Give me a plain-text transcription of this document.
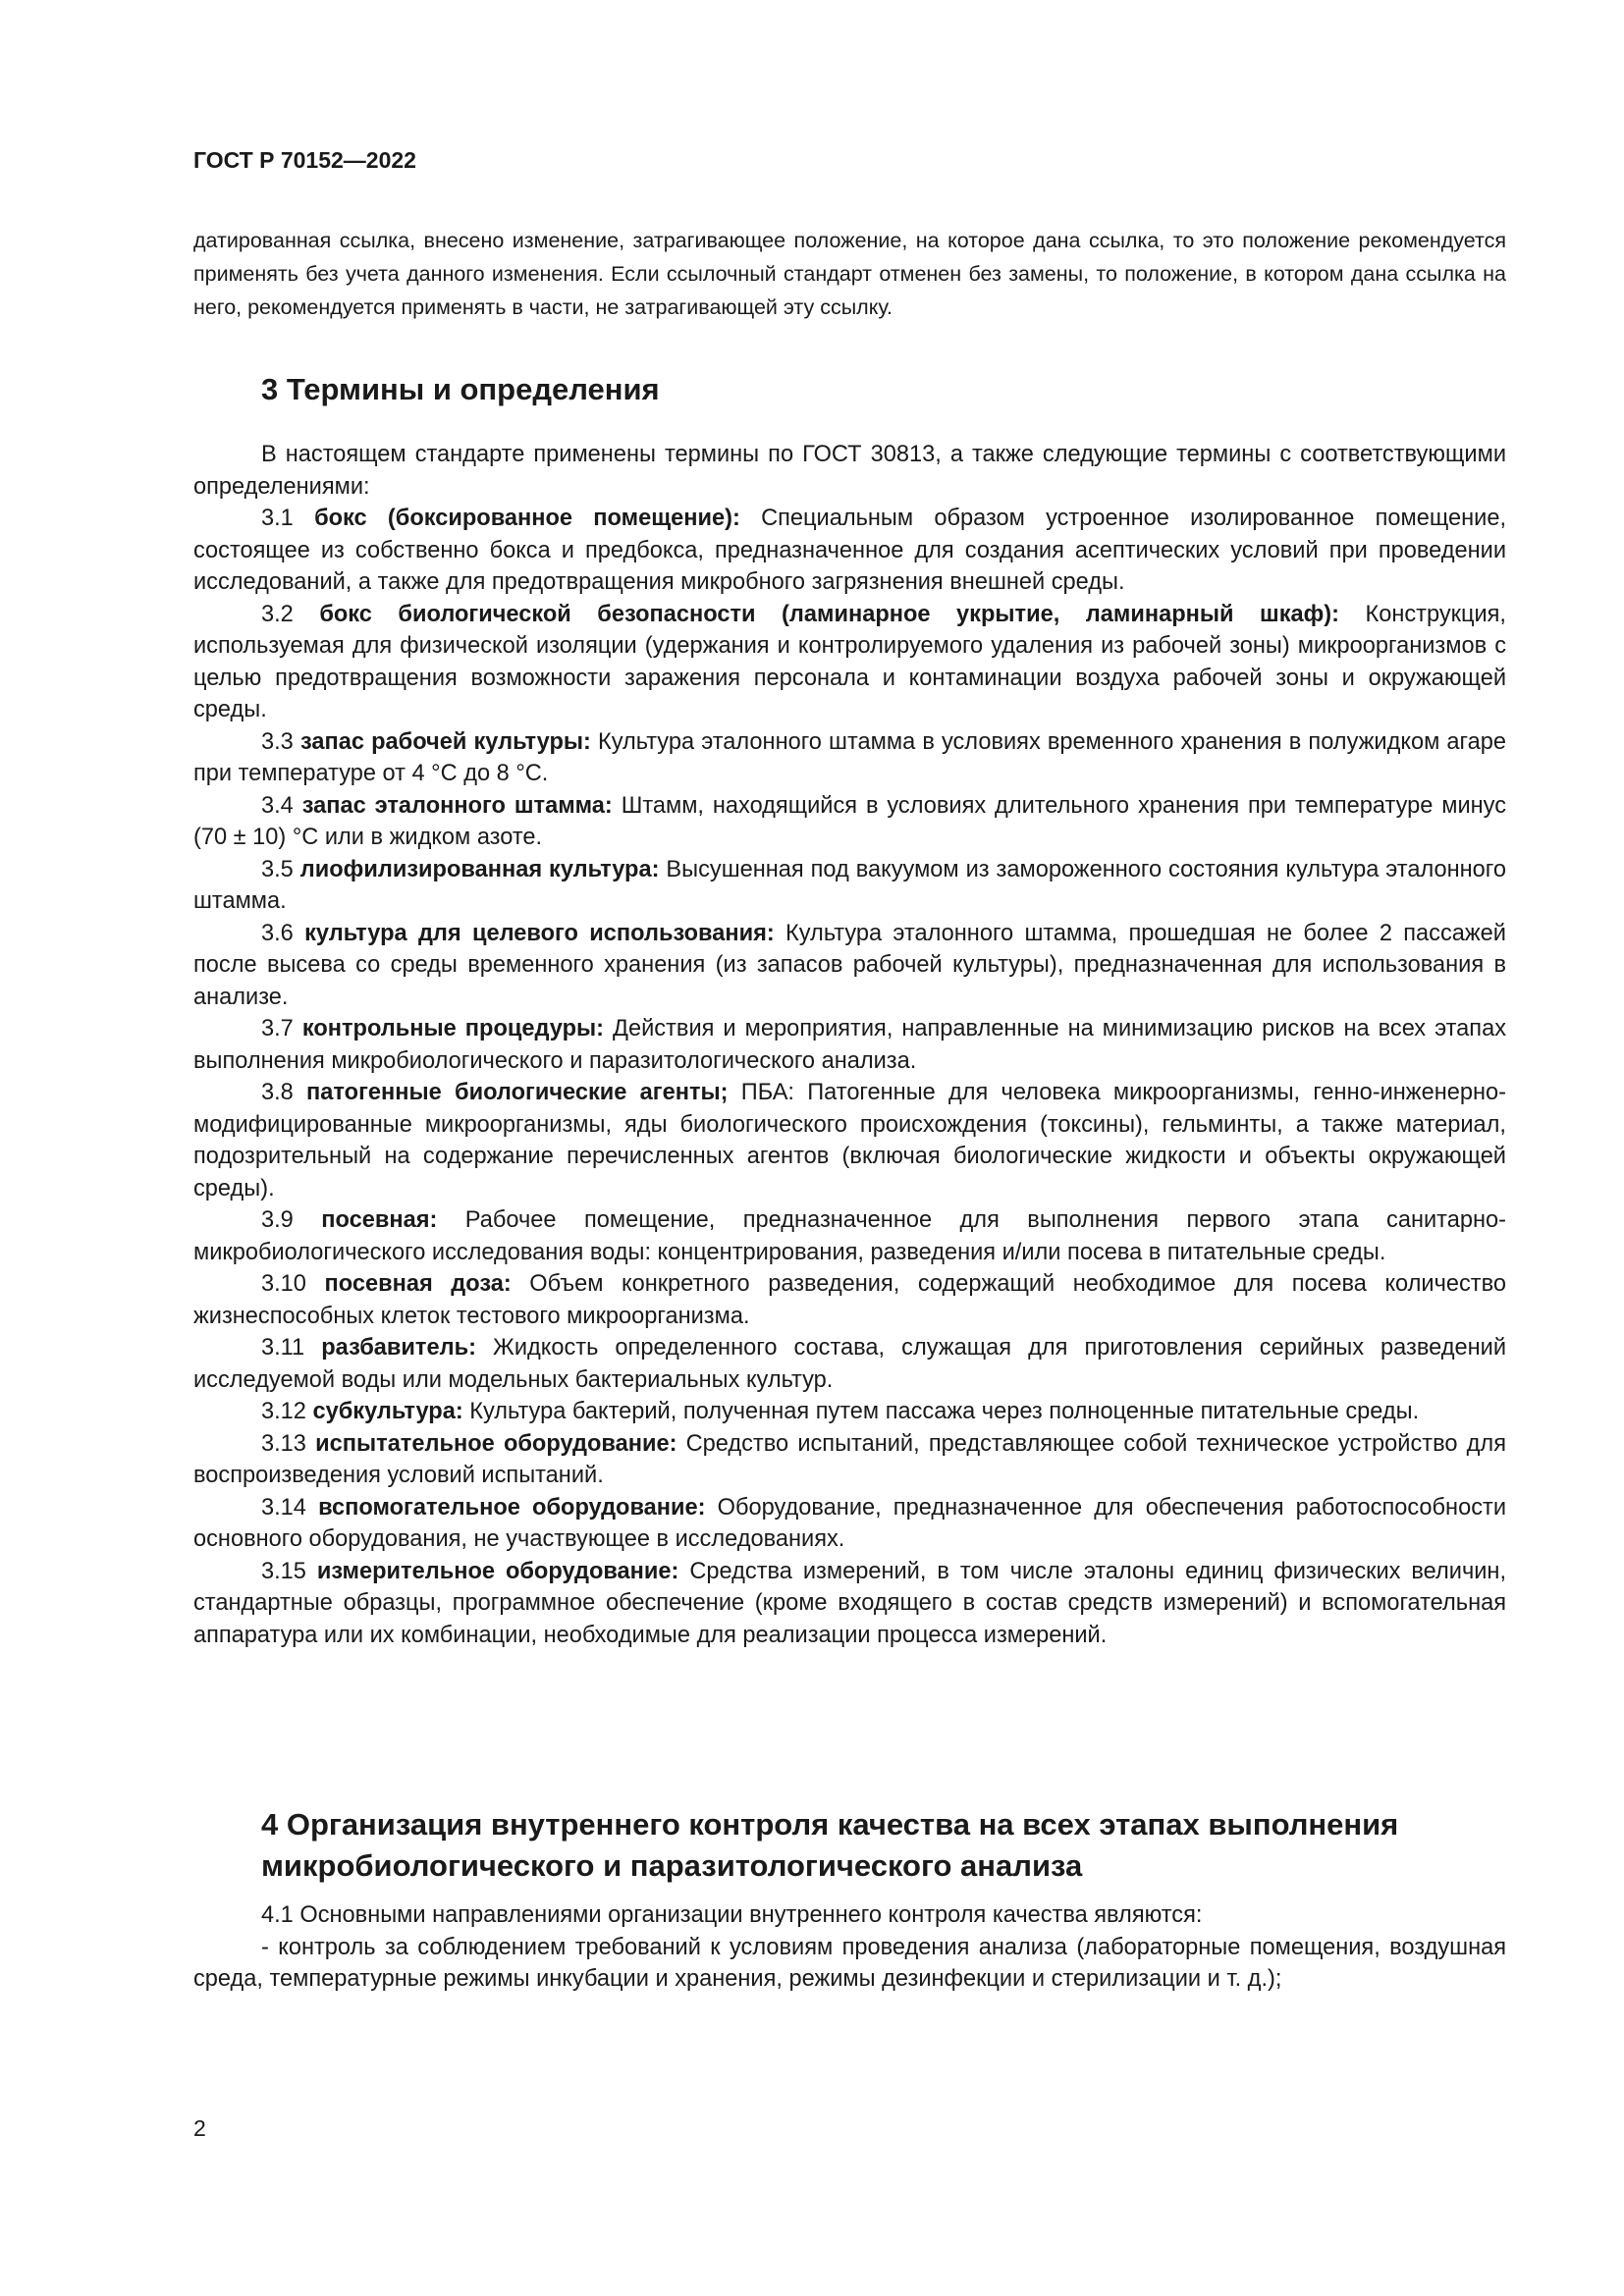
ГОСТ Р 70152—2022

датированная ссылка, внесено изменение, затрагивающее положение, на которое дана ссылка, то это положение рекомендуется применять без учета данного изменения. Если ссылочный стандарт отменен без замены, то положение, в котором дана ссылка на него, рекомендуется применять в части, не затрагивающей эту ссылку.

3 Термины и определения

В настоящем стандарте применены термины по ГОСТ 30813, а также следующие термины с соответствующими определениями:

3.1 бокс (боксированное помещение): Специальным образом устроенное изолированное помещение, состоящее из собственно бокса и предбокса, предназначенное для создания асептических условий при проведении исследований, а также для предотвращения микробного загрязнения внешней среды.

3.2 бокс биологической безопасности (ламинарное укрытие, ламинарный шкаф): Конструкция, используемая для физической изоляции (удержания и контролируемого удаления из рабочей зоны) микроорганизмов с целью предотвращения возможности заражения персонала и контаминации воздуха рабочей зоны и окружающей среды.

3.3 запас рабочей культуры: Культура эталонного штамма в условиях временного хранения в полужидком агаре при температуре от 4 °С до 8 °С.

3.4 запас эталонного штамма: Штамм, находящийся в условиях длительного хранения при температуре минус (70 ± 10) °С или в жидком азоте.

3.5 лиофилизированная культура: Высушенная под вакуумом из замороженного состояния культура эталонного штамма.

3.6 культура для целевого использования: Культура эталонного штамма, прошедшая не более 2 пассажей после высева со среды временного хранения (из запасов рабочей культуры), предназначенная для использования в анализе.

3.7 контрольные процедуры: Действия и мероприятия, направленные на минимизацию рисков на всех этапах выполнения микробиологического и паразитологического анализа.

3.8 патогенные биологические агенты; ПБА: Патогенные для человека микроорганизмы, генно-инженерно-модифицированные микроорганизмы, яды биологического происхождения (токсины), гельминты, а также материал, подозрительный на содержание перечисленных агентов (включая биологические жидкости и объекты окружающей среды).

3.9 посевная: Рабочее помещение, предназначенное для выполнения первого этапа санитарно-микробиологического исследования воды: концентрирования, разведения и/или посева в питательные среды.

3.10 посевная доза: Объем конкретного разведения, содержащий необходимое для посева количество жизнеспособных клеток тестового микроорганизма.

3.11 разбавитель: Жидкость определенного состава, служащая для приготовления серийных разведений исследуемой воды или модельных бактериальных культур.

3.12 субкультура: Культура бактерий, полученная путем пассажа через полноценные питательные среды.

3.13 испытательное оборудование: Средство испытаний, представляющее собой техническое устройство для воспроизведения условий испытаний.

3.14 вспомогательное оборудование: Оборудование, предназначенное для обеспечения работоспособности основного оборудования, не участвующее в исследованиях.

3.15 измерительное оборудование: Средства измерений, в том числе эталоны единиц физических величин, стандартные образцы, программное обеспечение (кроме входящего в состав средств измерений) и вспомогательная аппаратура или их комбинации, необходимые для реализации процесса измерений.

4 Организация внутреннего контроля качества на всех этапах выполнения микробиологического и паразитологического анализа

4.1 Основными направлениями организации внутреннего контроля качества являются:

- контроль за соблюдением требований к условиям проведения анализа (лабораторные помещения, воздушная среда, температурные режимы инкубации и хранения, режимы дезинфекции и стерилизации и т. д.);

2
